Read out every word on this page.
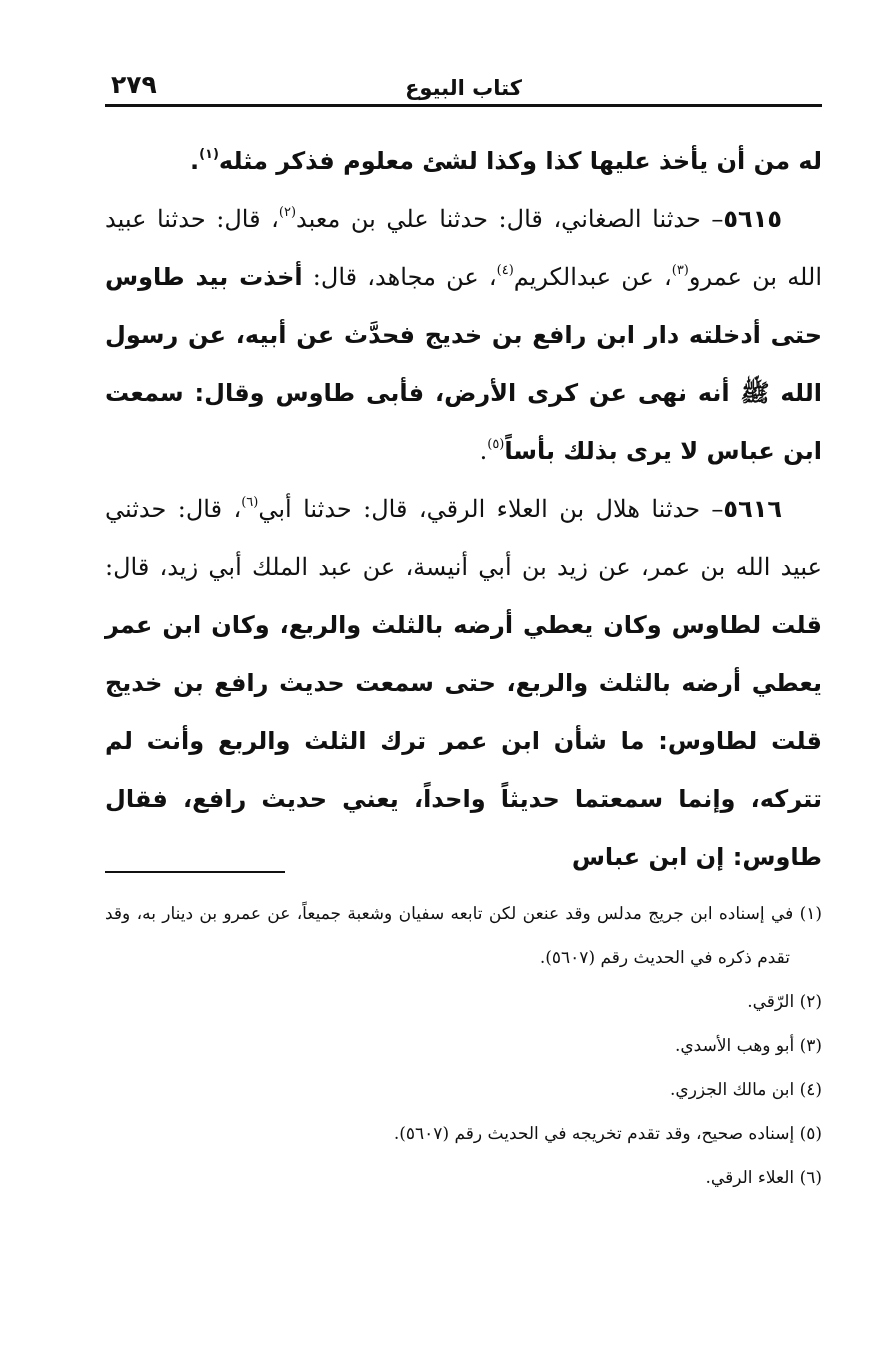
كتاب البيوع
٢٧٩

له من أن يأخذ عليها كذا وكذا لشئ معلوم فذكر مثله$^{(١)}$.

٥٦١٥– حدثنا الصغاني، قال: حدثنا علي بن معبد$^{(٢)}$، قال: حدثنا عبيد الله بن عمرو$^{(٣)}$، عن عبدالكريم$^{(٤)}$، عن مجاهد، قال: أخذت بيد طاوس حتى أدخلته دار ابن رافع بن خديج فحدَّث عن أبيه، عن رسول الله ﷺ أنه نهى عن كرى الأرض، فأبى طاوس وقال: سمعت ابن عباس لا يرى بذلك بأساً$^{(٥)}$.

٥٦١٦– حدثنا هلال بن العلاء الرقي، قال: حدثنا أبي$^{(٦)}$، قال: حدثني عبيد الله بن عمر، عن زيد بن أبي أنيسة، عن عبد الملك أبي زيد، قال: قلت لطاوس وكان يعطي أرضه بالثلث والربع، وكان ابن عمر يعطي أرضه بالثلث والربع، حتى سمعت حديث رافع بن خديج قلت لطاوس: ما شأن ابن عمر ترك الثلث والربع وأنت لم تتركه، وإنما سمعتما حديثاً واحداً، يعني حديث رافع، فقال طاوس: إن ابن عباس

(١) في إسناده ابن جريج مدلس وقد عنعن لكن تابعه سفيان وشعبة جميعاً، عن عمرو بن دينار به، وقد تقدم ذكره في الحديث رقم (٥٦٠٧).

(٢) الرّقي.

(٣) أبو وهب الأسدي.

(٤) ابن مالك الجزري.

(٥) إسناده صحيح، وقد تقدم تخريجه في الحديث رقم (٥٦٠٧).

(٦) العلاء الرقي.
